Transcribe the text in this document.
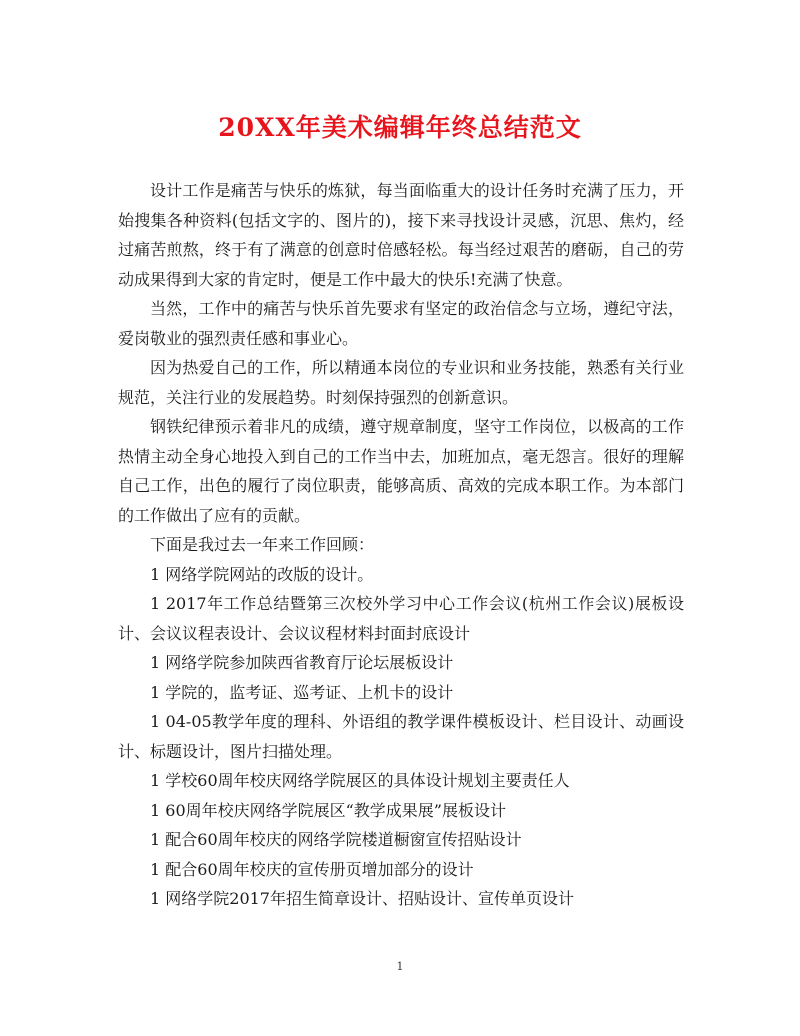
20XX年美术编辑年终总结范文

设计工作是痛苦与快乐的炼狱，每当面临重大的设计任务时充满了压力，开始搜集各种资料(包括文字的、图片的)，接下来寻找设计灵感，沉思、焦灼，经过痛苦煎熬，终于有了满意的创意时倍感轻松。每当经过艰苦的磨砺，自己的劳动成果得到大家的肯定时，便是工作中最大的快乐!充满了快意。

当然，工作中的痛苦与快乐首先要求有坚定的政治信念与立场，遵纪守法，爱岗敬业的强烈责任感和事业心。

因为热爱自己的工作，所以精通本岗位的专业识和业务技能，熟悉有关行业规范，关注行业的发展趋势。时刻保持强烈的创新意识。

钢铁纪律预示着非凡的成绩，遵守规章制度，坚守工作岗位，以极高的工作热情主动全身心地投入到自己的工作当中去，加班加点，毫无怨言。很好的理解自己工作，出色的履行了岗位职责，能够高质、高效的完成本职工作。为本部门的工作做出了应有的贡献。

下面是我过去一年来工作回顾：

1 网络学院网站的改版的设计。

1 2017年工作总结暨第三次校外学习中心工作会议(杭州工作会议)展板设计、会议议程表设计、会议议程材料封面封底设计

1 网络学院参加陕西省教育厅论坛展板设计

1 学院的，监考证、巡考证、上机卡的设计

1 04-05教学年度的理科、外语组的教学课件模板设计、栏目设计、动画设计、标题设计，图片扫描处理。

1 学校60周年校庆网络学院展区的具体设计规划主要责任人

1 60周年校庆网络学院展区“教学成果展”展板设计

1 配合60周年校庆的网络学院楼道橱窗宣传招贴设计

1 配合60周年校庆的宣传册页增加部分的设计

1 网络学院2017年招生简章设计、招贴设计、宣传单页设计

1
